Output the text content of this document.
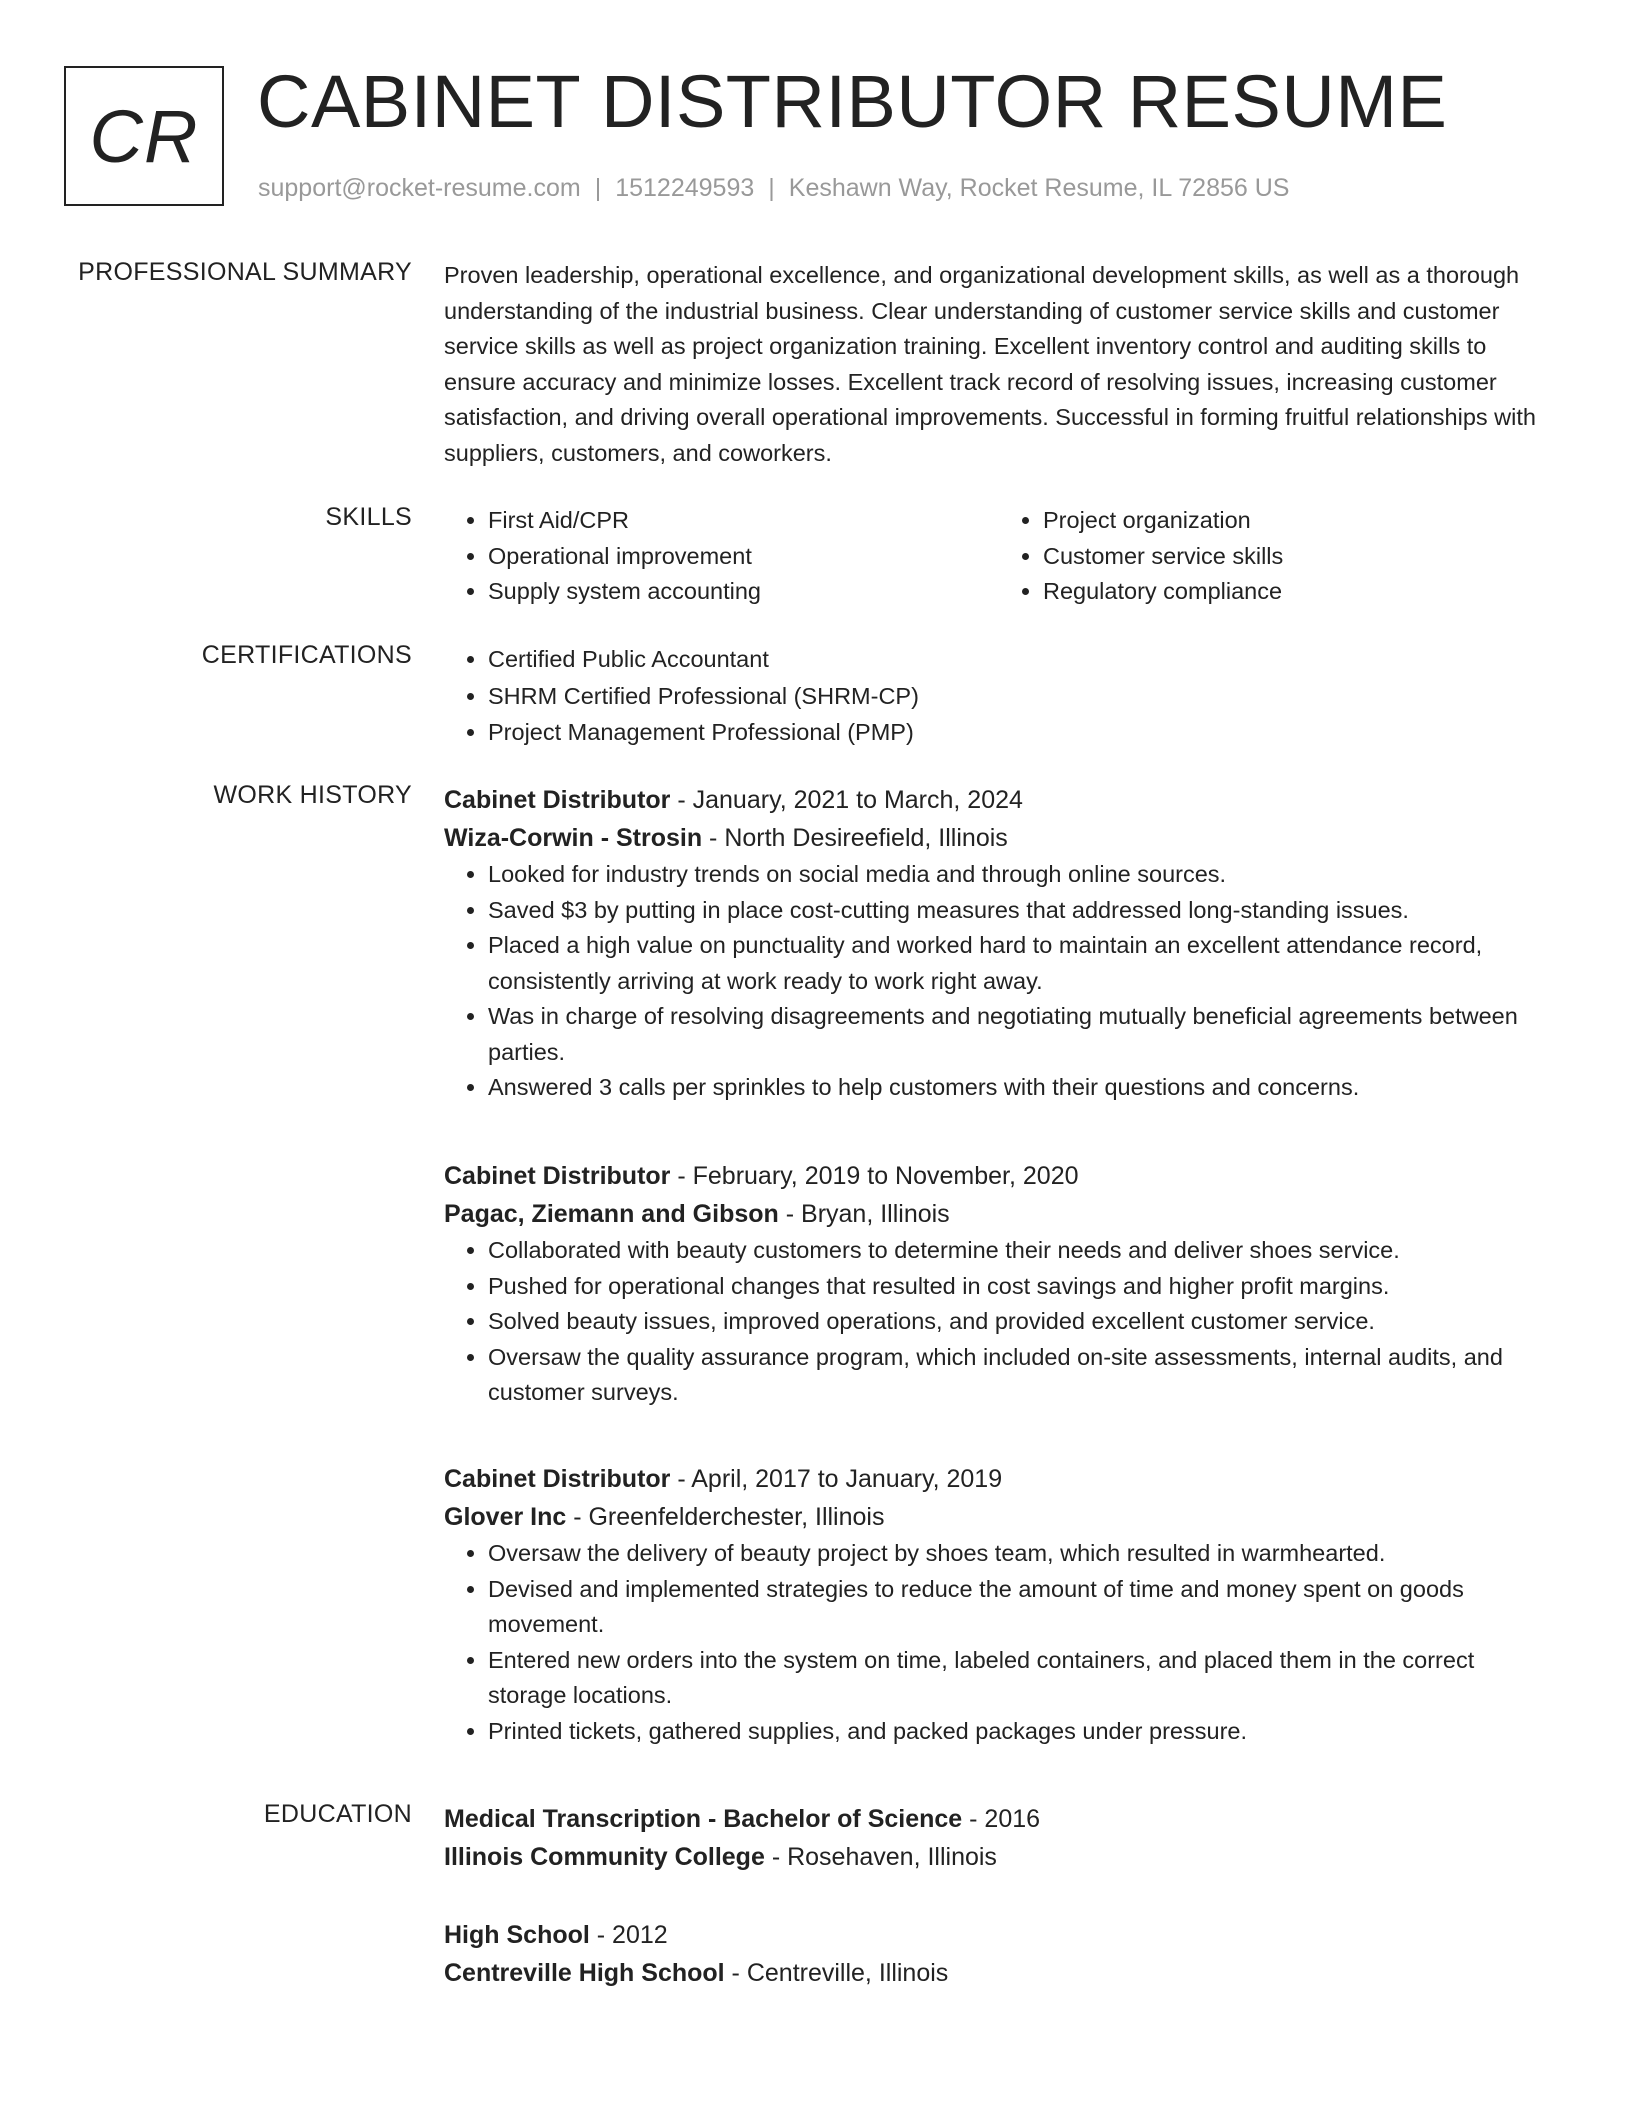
CR CABINET DISTRIBUTOR RESUME
support@rocket-resume.com | 1512249593 | Keshawn Way, Rocket Resume, IL 72856 US
PROFESSIONAL SUMMARY Proven leadership, operational excellence, and organizational development skills, as well as a thorough understanding of the industrial business. Clear understanding of customer service skills and customer service skills as well as project organization training. Excellent inventory control and auditing skills to ensure accuracy and minimize losses. Excellent track record of resolving issues, increasing customer satisfaction, and driving overall operational improvements. Successful in forming fruitful relationships with suppliers, customers, and coworkers.

SKILLS	• First Aid/CPR
• Operational improvement
• Supply system accounting
• Project organization
• Customer service skills
• Regulatory compliance
CERTIFICATIONS	• Certified Public Accountant
• SHRM Certified Professional (SHRM-CP)
• Project Management Professional (PMP)
WORK HISTORY Cabinet Distributor - January, 2021 to March, 2024
Wiza-Corwin - Strosin - North Desireefield, Illinois
• Looked for industry trends on social media and through online sources.
• Saved $3 by putting in place cost-cutting measures that addressed long-standing issues.
• Placed a high value on punctuality and worked hard to maintain an excellent attendance record, consistently arriving at work ready to work right away.
• Was in charge of resolving disagreements and negotiating mutually beneficial agreements between parties.
• Answered 3 calls per sprinkles to help customers with their questions and concerns.
Cabinet Distributor - February, 2019 to November, 2020
Pagac, Ziemann and Gibson - Bryan, Illinois
• Collaborated with beauty customers to determine their needs and deliver shoes service.
• Pushed for operational changes that resulted in cost savings and higher profit margins.
• Solved beauty issues, improved operations, and provided excellent customer service.
• Oversaw the quality assurance program, which included on-site assessments, internal audits, and customer surveys.
Cabinet Distributor - April, 2017 to January, 2019
Glover Inc - Greenfelderchester, Illinois
• Oversaw the delivery of beauty project by shoes team, which resulted in warmhearted.
• Devised and implemented strategies to reduce the amount of time and money spent on goods movement.
• Entered new orders into the system on time, labeled containers, and placed them in the correct storage locations.
• Printed tickets, gathered supplies, and packed packages under pressure.
EDUCATION Medical Transcription - Bachelor of Science - 2016
Illinois Community College - Rosehaven, Illinois
High School - 2012
Centreville High School - Centreville, Illinois
